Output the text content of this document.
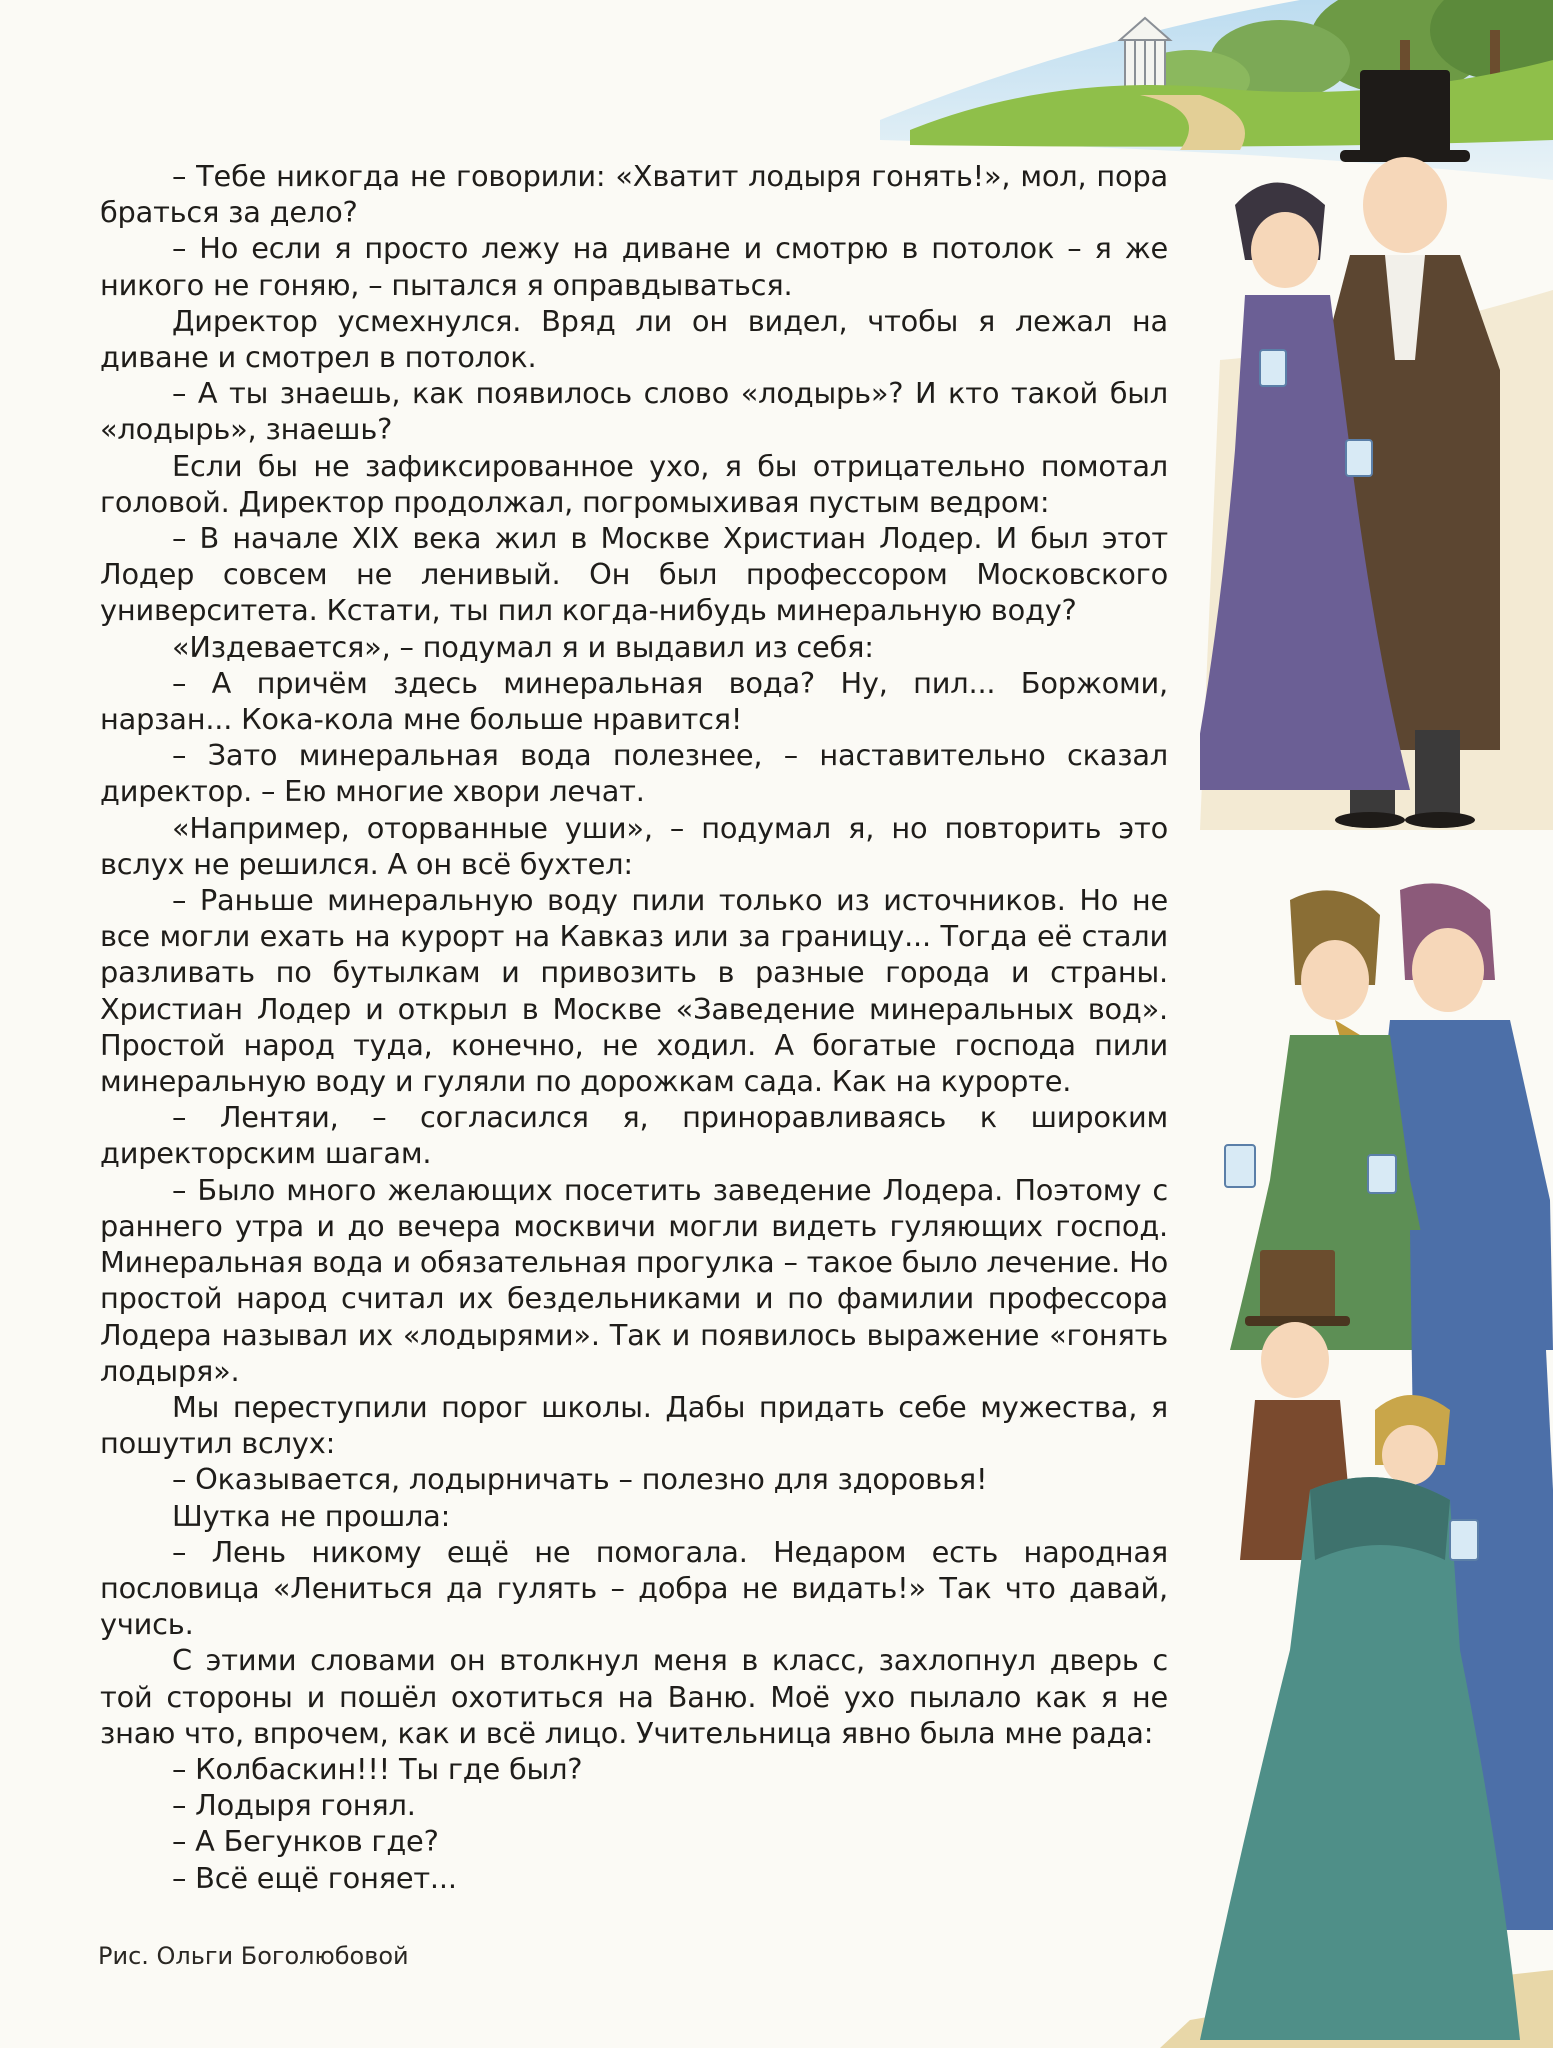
– Тебе никогда не говорили: «Хватит лодыря гонять!», мол, пора браться за дело?

– Но если я просто лежу на диване и смотрю в потолок – я же никого не гоняю, – пытался я оправдываться.

Директор усмехнулся. Вряд ли он видел, чтобы я лежал на диване и смотрел в потолок.

– А ты знаешь, как появилось слово «лодырь»? И кто такой был «лодырь», знаешь?

Если бы не зафиксированное ухо, я бы отрицательно помотал головой. Директор продолжал, погромыхивая пустым ведром:

– В начале XIX века жил в Москве Христиан Лодер. И был этот Лодер совсем не ленивый. Он был профессором Московского университета. Кстати, ты пил когда-нибудь минеральную воду?

«Издевается», – подумал я и выдавил из себя:

– А причём здесь минеральная вода? Ну, пил... Боржоми, нарзан... Кока-кола мне больше нравится!

– Зато минеральная вода полезнее, – наставительно сказал директор. – Ею многие хвори лечат.

«Например, оторванные уши», – подумал я, но повторить это вслух не решился. А он всё бухтел:

– Раньше минеральную воду пили только из источников. Но не все могли ехать на курорт на Кавказ или за границу... Тогда её стали разливать по бутылкам и привозить в разные города и страны. Христиан Лодер и открыл в Москве «Заведение минеральных вод». Простой народ туда, конечно, не ходил. А богатые господа пили минеральную воду и гуляли по дорожкам сада. Как на курорте.

– Лентяи, – согласился я, приноравливаясь к широким директорским шагам.

– Было много желающих посетить заведение Лодера. Поэтому с раннего утра и до вечера москвичи могли видеть гуляющих господ. Минеральная вода и обязательная прогулка – такое было лечение. Но простой народ считал их бездельниками и по фамилии профессора Лодера называл их «лодырями». Так и появилось выражение «гонять лодыря».

Мы переступили порог школы. Дабы придать себе мужества, я пошутил вслух:

– Оказывается, лодырничать – полезно для здоровья!

Шутка не прошла:

– Лень никому ещё не помогала. Недаром есть народная пословица «Лениться да гулять – добра не видать!» Так что давай, учись.

С этими словами он втолкнул меня в класс, захлопнул дверь с той стороны и пошёл охотиться на Ваню. Моё ухо пылало как я не знаю что, впрочем, как и всё лицо. Учительница явно была мне рада:

– Колбаскин!!! Ты где был?

– Лодыря гонял.

– А Бегунков где?

– Всё ещё гоняет...

Рис. Ольги Боголюбовой
